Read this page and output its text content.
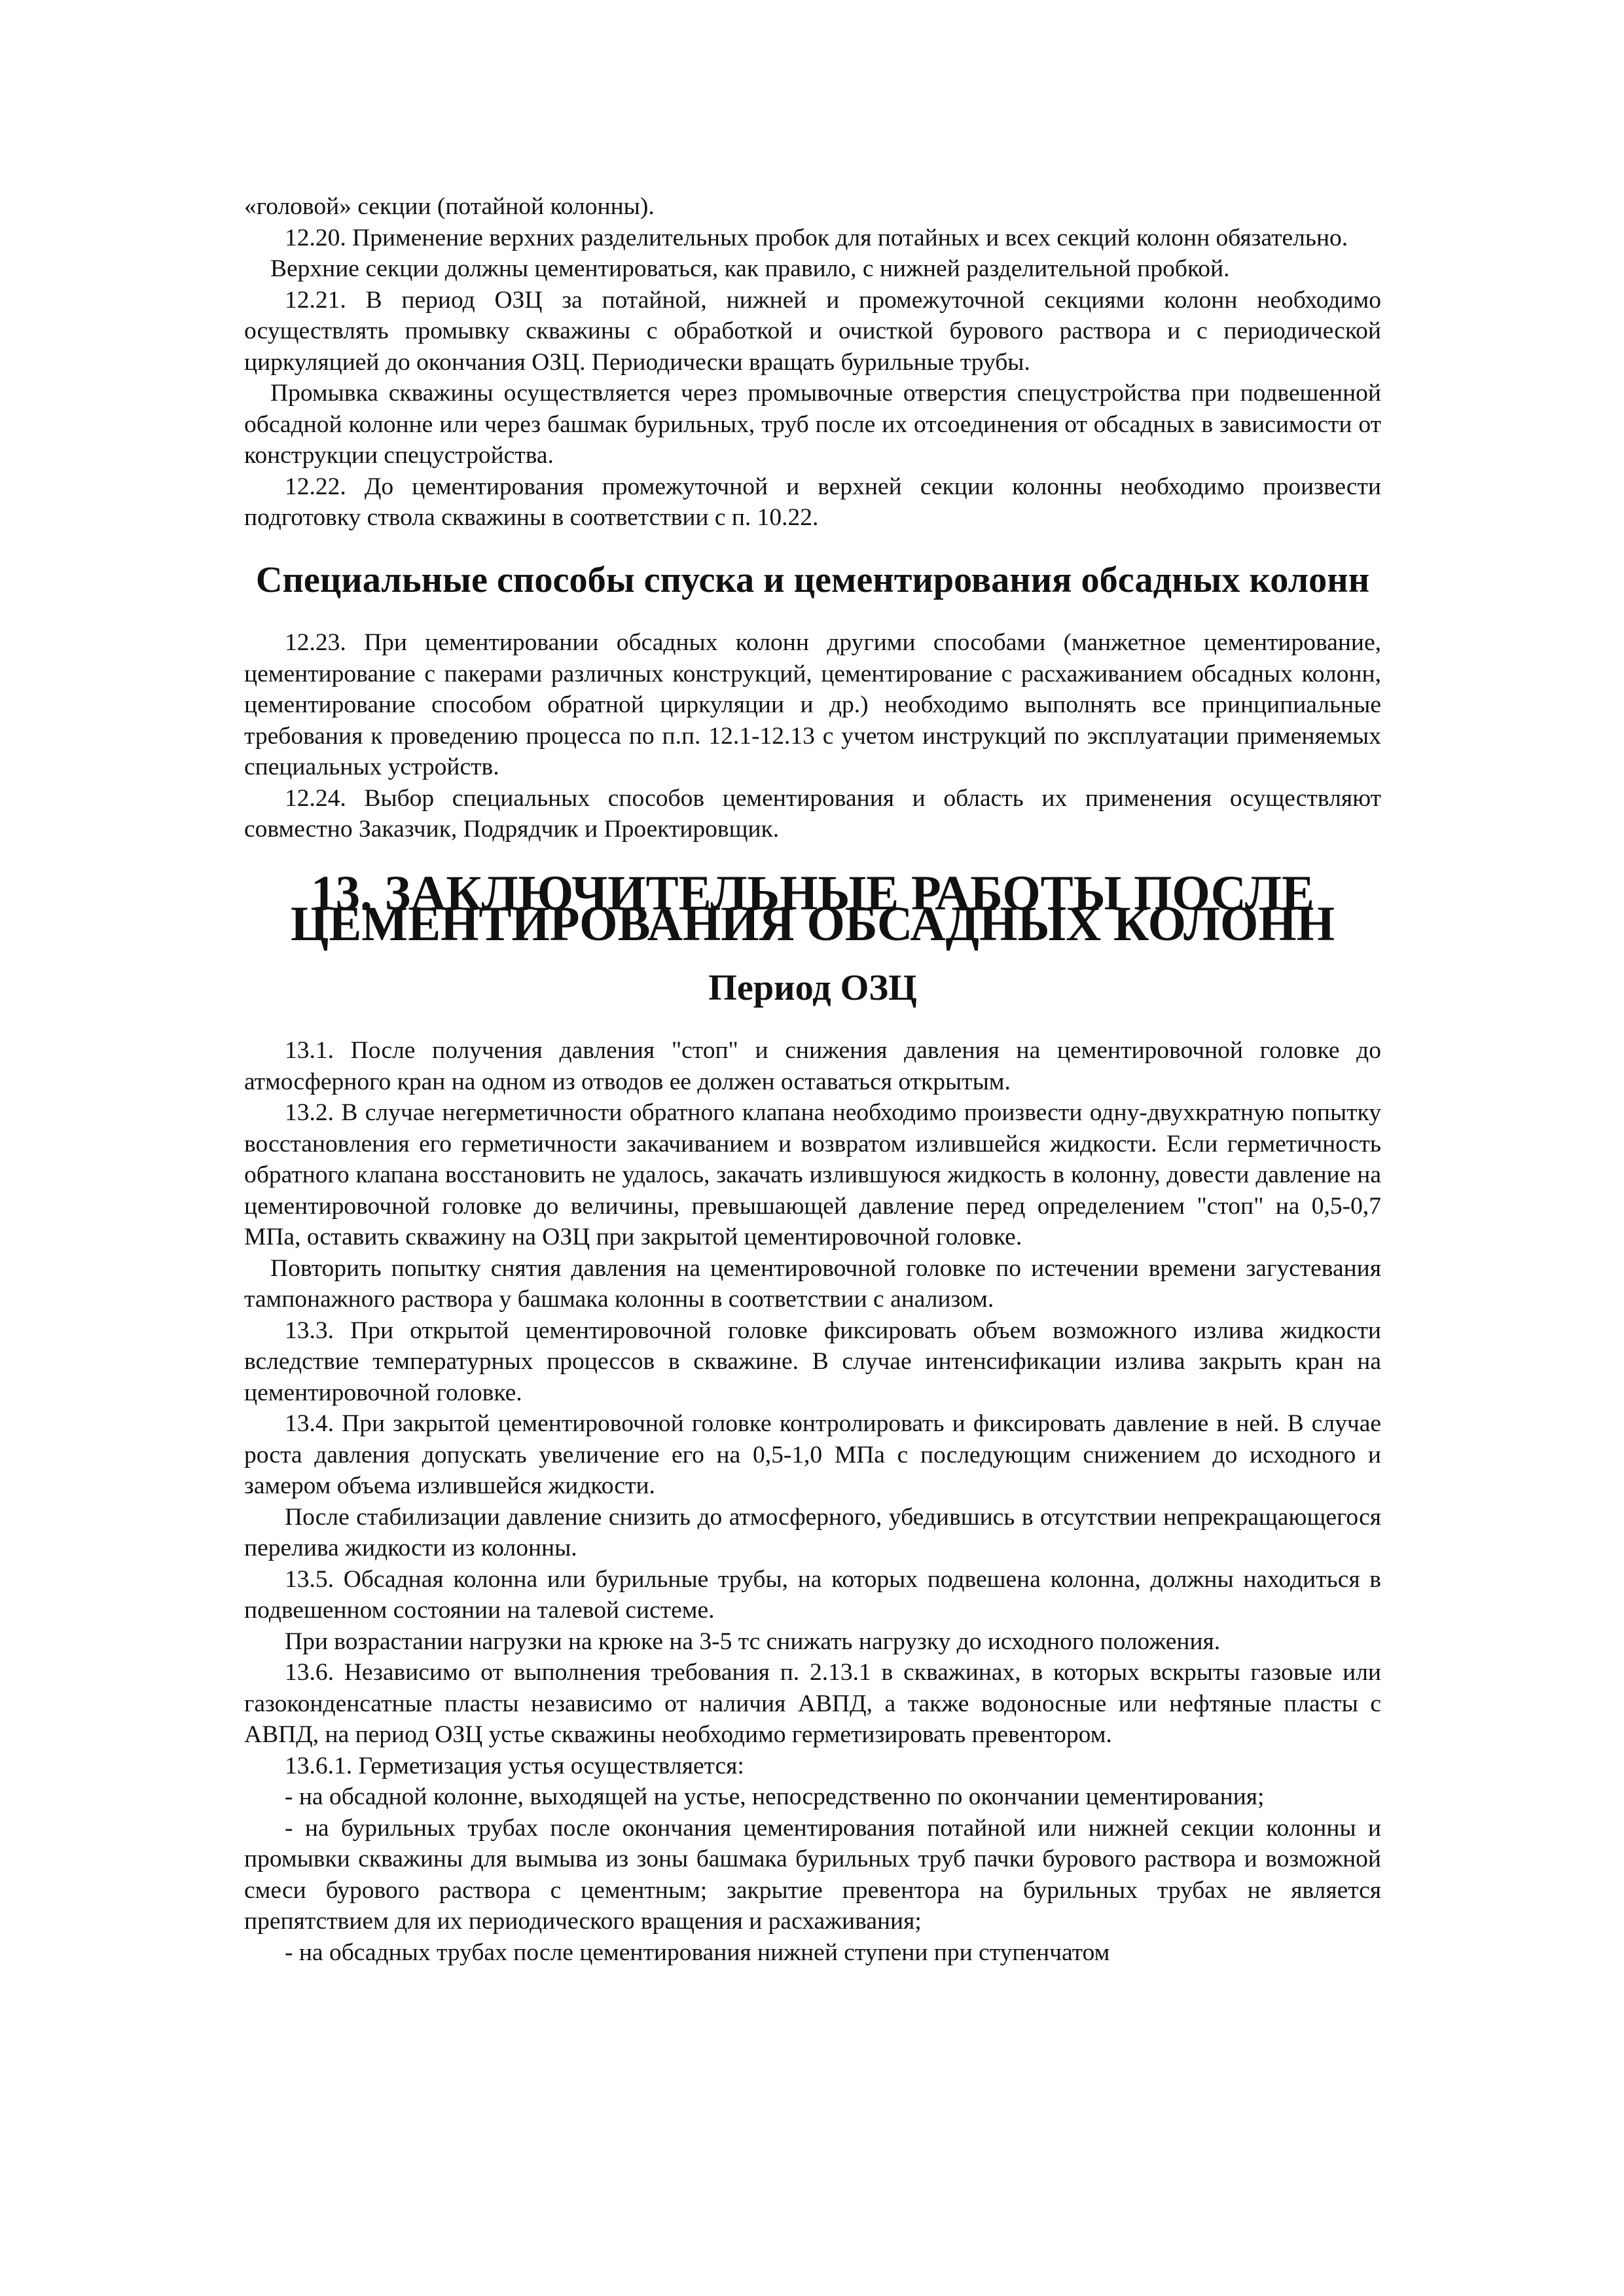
«головой» секции (потайной колонны).

12.20. Применение верхних разделительных пробок для потайных и всех секций колонн обязательно.

Верхние секции должны цементироваться, как правило, с нижней разделительной пробкой.

12.21. В период ОЗЦ за потайной, нижней и промежуточной секциями колонн необходимо осуществлять промывку скважины с обработкой и очисткой бурового раствора и с периодической циркуляцией до окончания ОЗЦ. Периодически вращать бурильные трубы.

Промывка скважины осуществляется через промывочные отверстия спецустройства при подвешенной обсадной колонне или через башмак бурильных, труб после их отсоединения от обсадных в зависимости от конструкции спецустройства.

12.22. До цементирования промежуточной и верхней секции колонны необходимо произвести подготовку ствола скважины в соответствии с п. 10.22.

Специальные способы спуска и цементирования обсадных колонн

12.23. При цементировании обсадных колонн другими способами (манжетное цементирование, цементирование с пакерами различных конструкций, цементирование с расхаживанием обсадных колонн, цементирование способом обратной циркуляции и др.) необходимо выполнять все принципиальные требования к проведению процесса по п.п. 12.1-12.13 с учетом инструкций по эксплуатации применяемых специальных устройств.

12.24. Выбор специальных способов цементирования и область их применения осуществляют совместно Заказчик, Подрядчик и Проектировщик.

13. ЗАКЛЮЧИТЕЛЬНЫЕ РАБОТЫ ПОСЛЕ ЦЕМЕНТИРОВАНИЯ ОБСАДНЫХ КОЛОНН
Период ОЗЦ

13.1. После получения давления "стоп" и снижения давления на цементировочной головке до атмосферного кран на одном из отводов ее должен оставаться открытым.

13.2. В случае негерметичности обратного клапана необходимо произвести одну-двухкратную попытку восстановления его герметичности закачиванием и возвратом излившейся жидкости. Если герметичность обратного клапана восстановить не удалось, закачать излившуюся жидкость в колонну, довести давление на цементировочной головке до величины, превышающей давление перед определением "стоп" на 0,5-0,7 МПа, оставить скважину на ОЗЦ при закрытой цементировочной головке.

Повторить попытку снятия давления на цементировочной головке по истечении времени загустевания тампонажного раствора у башмака колонны в соответствии с анализом.

13.3. При открытой цементировочной головке фиксировать объем возможного излива жидкости вследствие температурных процессов в скважине. В случае интенсификации излива закрыть кран на цементировочной головке.

13.4. При закрытой цементировочной головке контролировать и фиксировать давление в ней. В случае роста давления допускать увеличение его на 0,5-1,0 МПа с последующим снижением до исходного и замером объема излившейся жидкости.

После стабилизации давление снизить до атмосферного, убедившись в отсутствии непрекращающегося перелива жидкости из колонны.

13.5. Обсадная колонна или бурильные трубы, на которых подвешена колонна, должны находиться в подвешенном состоянии на талевой системе.

При возрастании нагрузки на крюке на 3-5 тс снижать нагрузку до исходного положения.

13.6. Независимо от выполнения требования п. 2.13.1 в скважинах, в которых вскрыты газовые или газоконденсатные пласты независимо от наличия АВПД, а также водоносные или нефтяные пласты с АВПД, на период ОЗЦ устье скважины необходимо герметизировать превентором.

13.6.1. Герметизация устья осуществляется:

- на обсадной колонне, выходящей на устье, непосредственно по окончании цементирования;

- на бурильных трубах после окончания цементирования потайной или нижней секции колонны и промывки скважины для вымыва из зоны башмака бурильных труб пачки бурового раствора и возможной смеси бурового раствора с цементным; закрытие превентора на бурильных трубах не является препятствием для их периодического вращения и расхаживания;

- на обсадных трубах после цементирования нижней ступени при ступенчатом
